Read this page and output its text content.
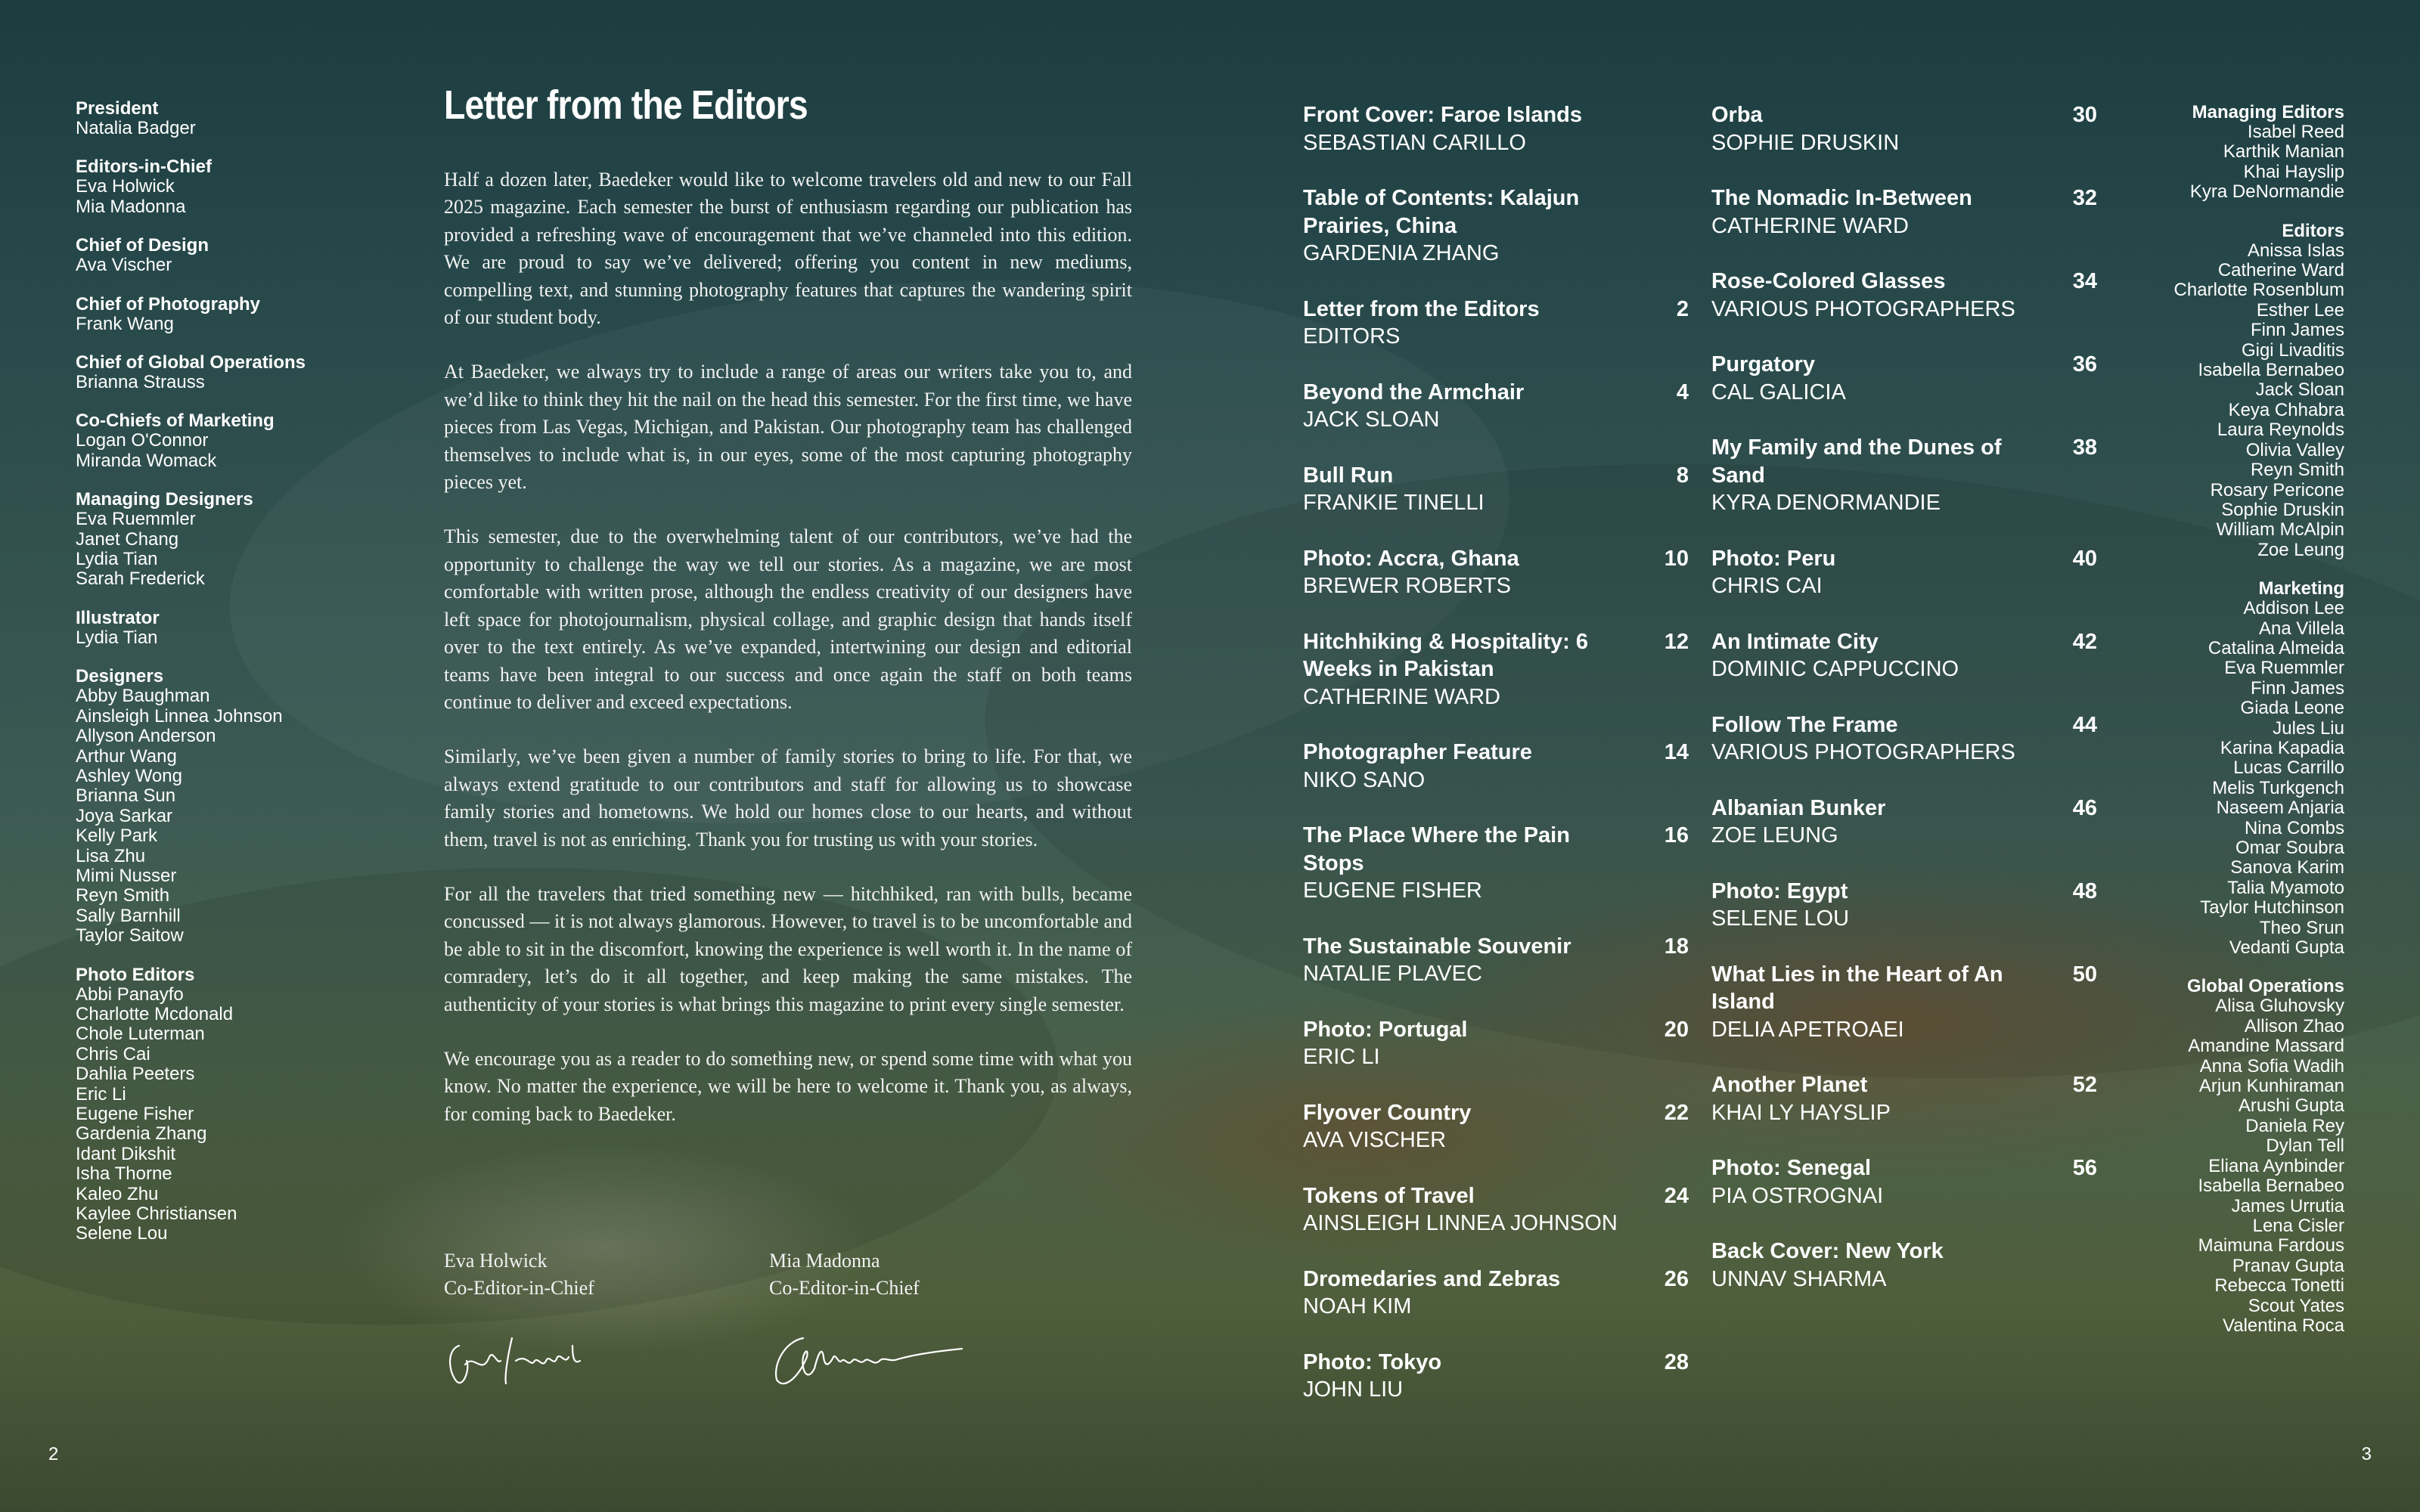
President
Natalia Badger
Editors-in-Chief
Eva Holwick
Mia Madonna
Chief of Design
Ava Vischer
Chief of Photography
Frank Wang
Chief of Global Operations
Brianna Strauss
Co-Chiefs of Marketing
Logan O'Connor
Miranda Womack
Managing Designers
Eva Ruemmler
Janet Chang
Lydia Tian
Sarah Frederick
Illustrator
Lydia Tian
Designers
Abby Baughman
Ainsleigh Linnea Johnson
Allyson Anderson
Arthur Wang
Ashley Wong
Brianna Sun
Joya Sarkar
Kelly Park
Lisa Zhu
Mimi Nusser
Reyn Smith
Sally Barnhill
Taylor Saitow
Photo Editors
Abbi Panayfo
Charlotte Mcdonald
Chole Luterman
Chris Cai
Dahlia Peeters
Eric Li
Eugene Fisher
Gardenia Zhang
Idant Dikshit
Isha Thorne
Kaleo Zhu
Kaylee Christiansen
Selene Lou
Letter from the Editors

Half a dozen later, Baedeker would like to welcome travelers old and new to our Fall 2025 magazine. Each semester the burst of enthusiasm regarding our publication has provided a refreshing wave of encouragement that we’ve channeled into this edition. We are proud to say we’ve delivered; offering you content in new mediums, compelling text, and stunning photography features that captures the wandering spirit of our student body.

At Baedeker, we always try to include a range of areas our writers take you to, and we’d like to think they hit the nail on the head this semester. For the first time, we have pieces from Las Vegas, Michigan, and Pakistan. Our photography team has challenged themselves to include what is, in our eyes, some of the most capturing photography pieces yet.

This semester, due to the overwhelming talent of our contributors, we’ve had the opportunity to challenge the way we tell our stories. As a magazine, we are most comfortable with written prose, although the endless creativity of our designers have left space for photojournalism, physical collage, and graphic design that hands itself over to the text entirely. As we’ve expanded, intertwining our design and editorial teams have been integral to our success and once again the staff on both teams continue to deliver and exceed expectations.

Similarly, we’ve been given a number of family stories to bring to life. For that, we always extend gratitude to our contributors and staff for allowing us to showcase family stories and hometowns. We hold our homes close to our hearts, and without them, travel is not as enriching. Thank you for trusting us with your stories.

For all the travelers that tried something new — hitchhiked, ran with bulls, became concussed — it is not always glamorous. However, to travel is to be uncomfortable and be able to sit in the discomfort, knowing the experience is well worth it. In the name of comradery, let’s do it all together, and keep making the same mistakes. The authenticity of your stories is what brings this magazine to print every single semester.

We encourage you as a reader to do something new, or spend some time with what you know. No matter the experience, we will be here to welcome it. Thank you, as always, for coming back to Baedeker.

Eva Holwick
Co-Editor-in-Chief
Mia Madonna
Co-Editor-in-Chief
Front Cover: Faroe Islands
SEBASTIAN CARILLO
Table of Contents: Kalajun Prairies, China
GARDENIA ZHANG
Letter from the Editors
EDITORS
2
Beyond the Armchair
JACK SLOAN
4
Bull Run
FRANKIE TINELLI
8
Photo: Accra, Ghana
BREWER ROBERTS
10
Hitchhiking & Hospitality: 6 Weeks in Pakistan
CATHERINE WARD
12
Photographer Feature
NIKO SANO
14
The Place Where the Pain Stops
EUGENE FISHER
16
The Sustainable Souvenir
NATALIE PLAVEC
18
Photo: Portugal
ERIC LI
20
Flyover Country
AVA VISCHER
22
Tokens of Travel
AINSLEIGH LINNEA JOHNSON
24
Dromedaries and Zebras
NOAH KIM
26
Photo: Tokyo
JOHN LIU
28
Orba
SOPHIE DRUSKIN
30
The Nomadic In-Between
CATHERINE WARD
32
Rose-Colored Glasses
VARIOUS PHOTOGRAPHERS
34
Purgatory
CAL GALICIA
36
My Family and the Dunes of Sand
KYRA DENORMANDIE
38
Photo: Peru
CHRIS CAI
40
An Intimate City
DOMINIC CAPPUCCINO
42
Follow The Frame
VARIOUS PHOTOGRAPHERS
44
Albanian Bunker
ZOE LEUNG
46
Photo: Egypt
SELENE LOU
48
What Lies in the Heart of An Island
DELIA APETROAEI
50
Another Planet
KHAI LY HAYSLIP
52
Photo: Senegal
PIA OSTROGNAI
56
Back Cover: New York
UNNAV SHARMA
Managing Editors
Isabel Reed
Karthik Manian
Khai Hayslip
Kyra DeNormandie
Editors
Anissa Islas
Catherine Ward
Charlotte Rosenblum
Esther Lee
Finn James
Gigi Livaditis
Isabella Bernabeo
Jack Sloan
Keya Chhabra
Laura Reynolds
Olivia Valley
Reyn Smith
Rosary Pericone
Sophie Druskin
William McAlpin
Zoe Leung
Marketing
Addison Lee
Ana Villela
Catalina Almeida
Eva Ruemmler
Finn James
Giada Leone
Jules Liu
Karina Kapadia
Lucas Carrillo
Melis Turkgench
Naseem Anjaria
Nina Combs
Omar Soubra
Sanova Karim
Talia Myamoto
Taylor Hutchinson
Theo Srun
Vedanti Gupta
Global Operations
Alisa Gluhovsky
Allison Zhao
Amandine Massard
Anna Sofia Wadih
Arjun Kunhiraman
Arushi Gupta
Daniela Rey
Dylan Tell
Eliana Aynbinder
Isabella Bernabeo
James Urrutia
Lena Cisler
Maimuna Fardous
Pranav Gupta
Rebecca Tonetti
Scout Yates
Valentina Roca
2	3
